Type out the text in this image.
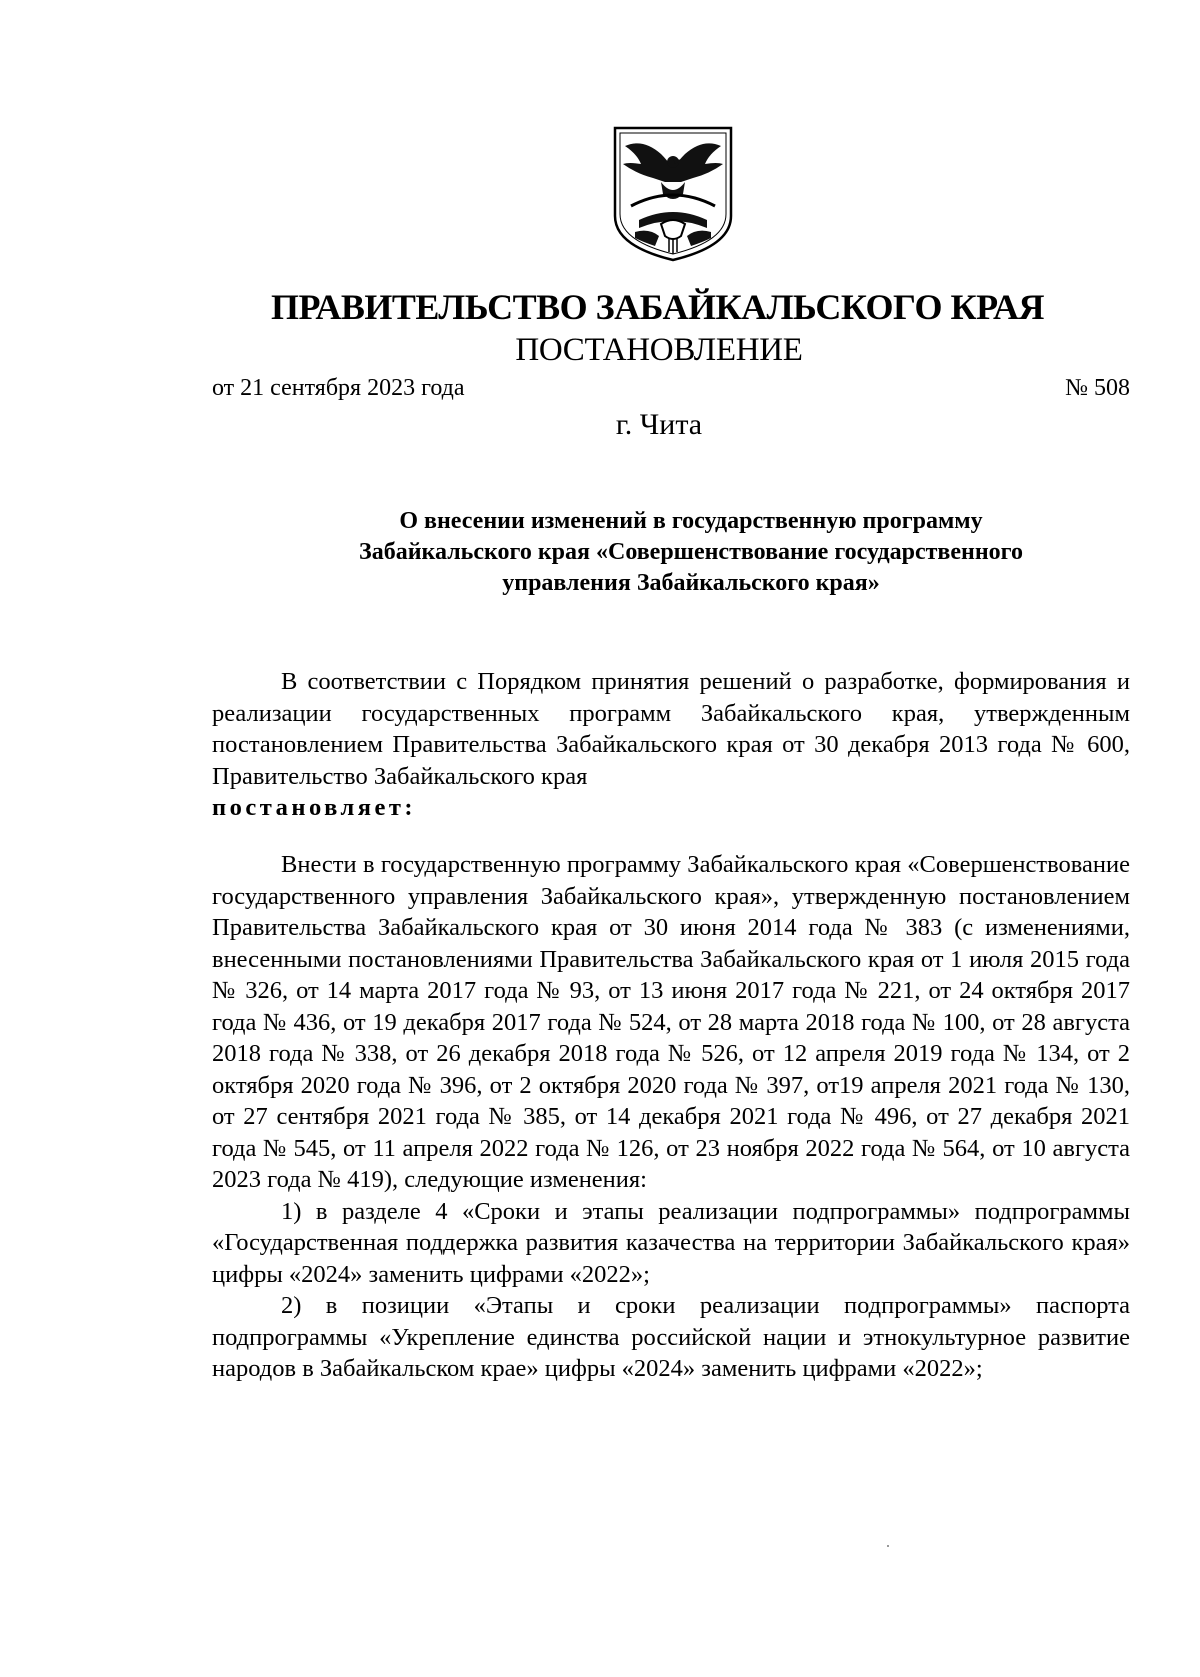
ПРАВИТЕЛЬСТВО ЗАБАЙКАЛЬСКОГО КРАЯ
ПОСТАНОВЛЕНИЕ
от 21 сентября 2023 года	№ 508
г. Чита
О внесении изменений в государственную программу
Забайкальского края «Совершенствование государственного
управления Забайкальского края»

В соответствии с Порядком принятия решений о разработке, формирования и реализации государственных программ Забайкальского края, утвержденным постановлением Правительства Забайкальского края от 30 декабря 2013 года № 600, Правительство Забайкальского края
постановляет:

Внести в государственную программу Забайкальского края «Совершенствование государственного управления Забайкальского края», утвержденную постановлением Правительства Забайкальского края от 30 июня 2014 года № 383 (с изменениями, внесенными постановлениями Правительства Забайкальского края от 1 июля 2015 года № 326, от 14 марта 2017 года № 93, от 13 июня 2017 года № 221, от 24 октября 2017 года № 436, от 19 декабря 2017 года № 524, от 28 марта 2018 года № 100, от 28 августа 2018 года № 338, от 26 декабря 2018 года № 526, от 12 апреля 2019 года № 134, от 2 октября 2020 года № 396, от 2 октября 2020 года № 397, от19 апреля 2021 года № 130, от 27 сентября 2021 года № 385, от 14 декабря 2021 года № 496, от 27 декабря 2021 года № 545, от 11 апреля 2022 года № 126, от 23 ноября 2022 года № 564, от 10 августа 2023 года № 419), следующие изменения:

1) в разделе 4 «Сроки и этапы реализации подпрограммы» подпрограммы «Государственная поддержка развития казачества на территории Забайкальского края» цифры «2024» заменить цифрами «2022»;

2) в позиции «Этапы и сроки реализации подпрограммы» паспорта подпрограммы «Укрепление единства российской нации и этнокультурное развитие народов в Забайкальском крае» цифры «2024» заменить цифрами «2022»;
